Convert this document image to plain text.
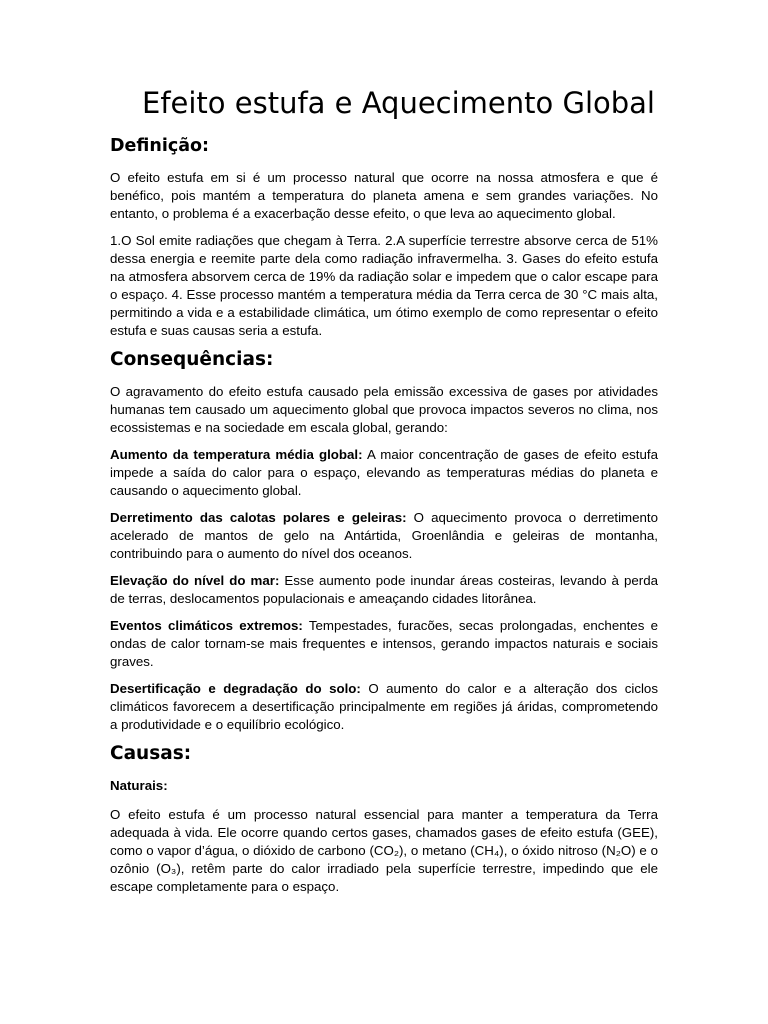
Efeito estufa e Aquecimento Global
Definição:

O efeito estufa em si é um processo natural que ocorre na nossa atmosfera e que é benéfico, pois mantém a temperatura do planeta amena e sem grandes variações. No entanto, o problema é a exacerbação desse efeito, o que leva ao aquecimento global.

1.O Sol emite radiações que chegam à Terra. 2.A superfície terrestre absorve cerca de 51% dessa energia e reemite parte dela como radiação infravermelha. 3. Gases do efeito estufa na atmosfera absorvem cerca de 19% da radiação solar e impedem que o calor escape para o espaço. 4. Esse processo mantém a temperatura média da Terra cerca de 30 °C mais alta, permitindo a vida e a estabilidade climática, um ótimo exemplo de como representar o efeito estufa e suas causas seria a estufa.

Consequências:

O agravamento do efeito estufa causado pela emissão excessiva de gases por atividades humanas tem causado um aquecimento global que provoca impactos severos no clima, nos ecossistemas e na sociedade em escala global, gerando:

Aumento da temperatura média global: A maior concentração de gases de efeito estufa impede a saída do calor para o espaço, elevando as temperaturas médias do planeta e causando o aquecimento global.

Derretimento das calotas polares e geleiras: O aquecimento provoca o derretimento acelerado de mantos de gelo na Antártida, Groenlândia e geleiras de montanha, contribuindo para o aumento do nível dos oceanos.

Elevação do nível do mar: Esse aumento pode inundar áreas costeiras, levando à perda de terras, deslocamentos populacionais e ameaçando cidades litorânea.

Eventos climáticos extremos: Tempestades, furacões, secas prolongadas, enchentes e ondas de calor tornam-se mais frequentes e intensos, gerando impactos naturais e sociais graves.

Desertificação e degradação do solo: O aumento do calor e a alteração dos ciclos climáticos favorecem a desertificação principalmente em regiões já áridas, comprometendo a produtividade e o equilíbrio ecológico.

Causas:
Naturais:

O efeito estufa é um processo natural essencial para manter a temperatura da Terra adequada à vida. Ele ocorre quando certos gases, chamados gases de efeito estufa (GEE), como o vapor d’água, o dióxido de carbono (CO₂), o metano (CH₄), o óxido nitroso (N₂O) e o ozônio (O₃), retêm parte do calor irradiado pela superfície terrestre, impedindo que ele escape completamente para o espaço.
